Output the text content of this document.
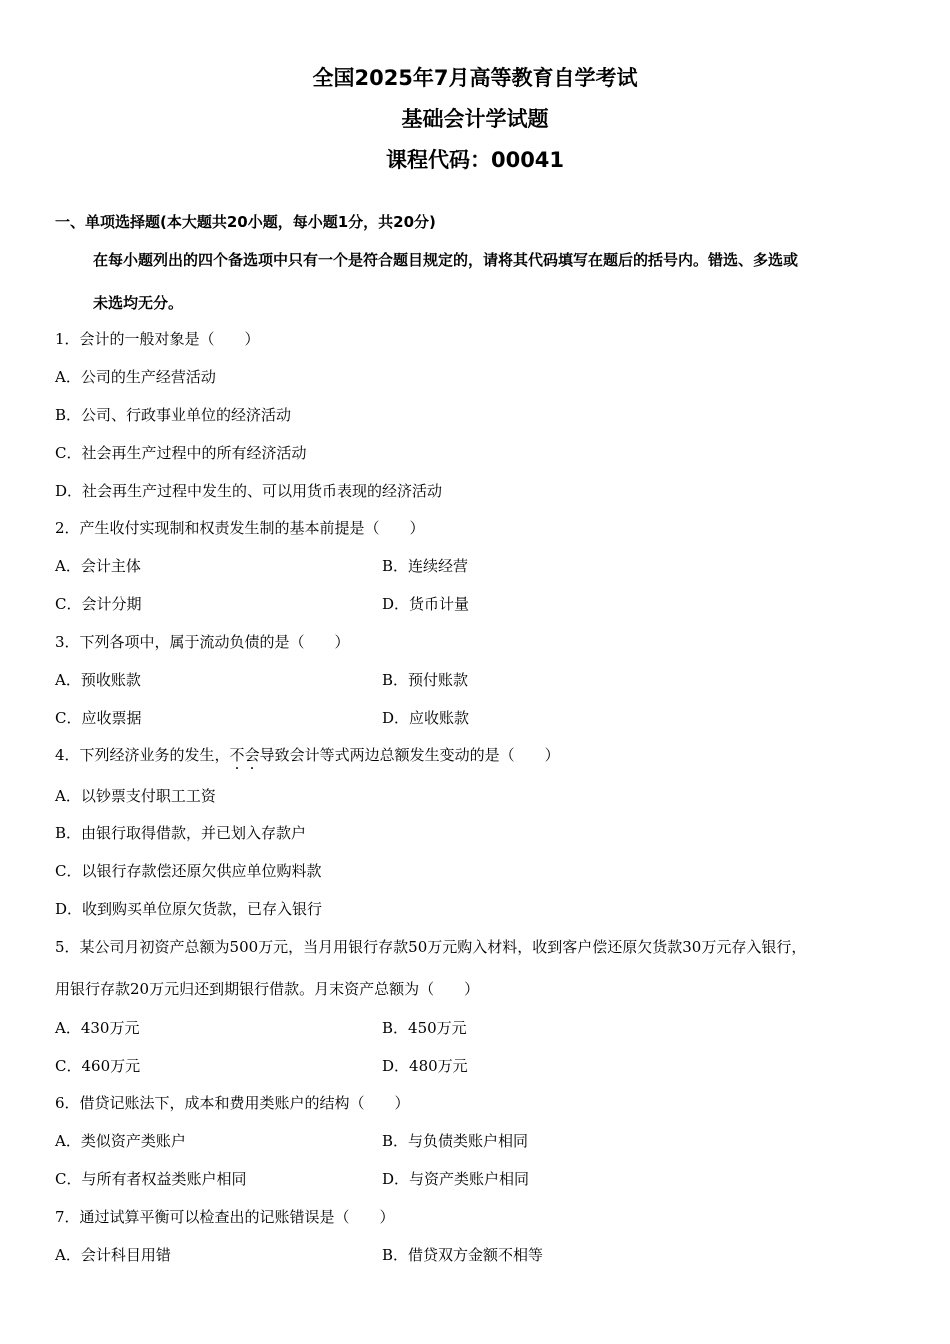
全国2025年7月高等教育自学考试
基础会计学试题
课程代码：00041
一、单项选择题(本大题共20小题，每小题1分，共20分)
在每小题列出的四个备选项中只有一个是符合题目规定的，请将其代码填写在题后的括号内。错选、多选或
未选均无分。
1．会计的一般对象是（　　）
A．公司的生产经营活动
B．公司、行政事业单位的经济活动
C．社会再生产过程中的所有经济活动
D．社会再生产过程中发生的、可以用货币表现的经济活动
2．产生收付实现制和权责发生制的基本前提是（　　）
A．会计主体	B．连续经营
C．会计分期	D．货币计量
3．下列各项中，属于流动负债的是（　　）
A．预收账款	B．预付账款
C．应收票据	D．应收账款
4．下列经济业务的发生，不会导致会计等式两边总额发生变动的是（　　）
A．以钞票支付职工工资
B．由银行取得借款，并已划入存款户
C．以银行存款偿还原欠供应单位购料款
D．收到购买单位原欠货款，已存入银行
5．某公司月初资产总额为500万元，当月用银行存款50万元购入材料，收到客户偿还原欠货款30万元存入银行，
用银行存款20万元归还到期银行借款。月末资产总额为（　　）
A．430万元	B．450万元
C．460万元	D．480万元
6．借贷记账法下，成本和费用类账户的结构（　　）
A．类似资产类账户	B．与负债类账户相同
C．与所有者权益类账户相同	D．与资产类账户相同
7．通过试算平衡可以检查出的记账错误是（　　）
A．会计科目用错	B．借贷双方金额不相等
